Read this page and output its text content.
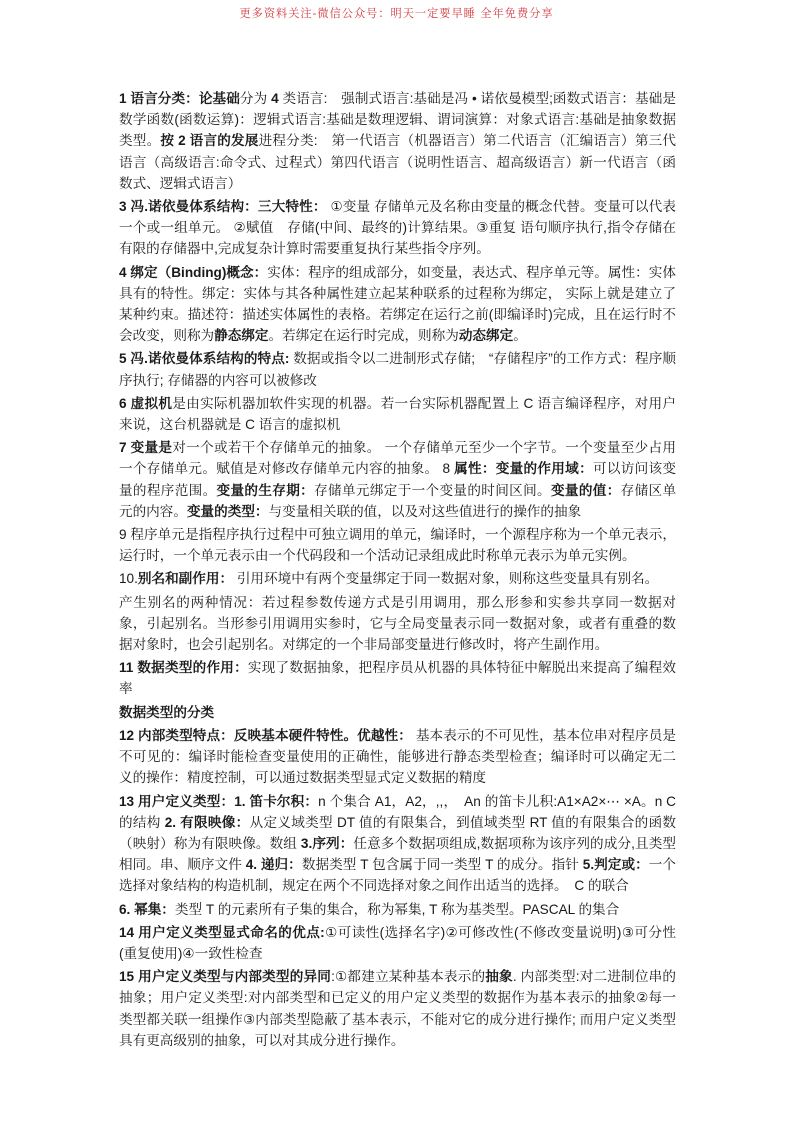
更多资料关注-微信公众号：明天一定要早睡 全年免费分享

1 语言分类：论基础分为 4 类语言:　强制式语言:基础是冯 • 诺依曼模型;函数式语言：基础是数学函数(函数运算)：逻辑式语言:基础是数理逻辑、谓词演算：对象式语言:基础是抽象数据类型。按 2 语言的发展进程分类:　第一代语言（机器语言）第二代语言（汇编语言）第三代语言（高级语言:命令式、过程式）第四代语言（说明性语言、超高级语言）新一代语言（函数式、逻辑式语言）

3 冯.诺依曼体系结构：三大特性： ①变量 存储单元及名称由变量的概念代替。变量可以代表一个或一组单元。 ②赋值　存储(中间、最终的)计算结果。③重复 语句顺序执行,指令存储在有限的存储器中,完成复杂计算时需要重复执行某些指令序列。

4 绑定（Binding)概念：实体：程序的组成部分，如变量，表达式、程序单元等。属性：实体具有的特性。绑定：实体与其各种属性建立起某种联系的过程称为绑定， 实际上就是建立了某种约束。描述符：描述实体属性的表格。若绑定在运行之前(即编译时)完成，且在运行时不会改变，则称为静态绑定。若绑定在运行时完成，则称为动态绑定。

5 冯.诺依曼体系结构的特点: 数据或指令以二进制形式存储;　“存储程序”的工作方式：程序顺序执行; 存储器的内容可以被修改

6 虚拟机是由实际机器加软件实现的机器。若一台实际机器配置上 C 语言编译程序，对用户来说，这台机器就是 C 语言的虚拟机

7 变量是对一个或若干个存储单元的抽象。 一个存储单元至少一个字节。一个变量至少占用一个存储单元。赋值是对修改存储单元内容的抽象。 8 属性：变量的作用域：可以访问该变量的程序范围。变量的生存期：存储单元绑定于一个变量的时间区间。变量的值：存储区单元的内容。变量的类型：与变量相关联的值，以及对这些值进行的操作的抽象

9 程序单元是指程序执行过程中可独立调用的单元，编译时，一个源程序称为一个单元表示，运行时，一个单元表示由一个代码段和一个活动记录组成此时称单元表示为单元实例。

10.别名和副作用： 引用环境中有两个变量绑定于同一数据对象，则称这些变量具有别名。

产生别名的两种情况：若过程参数传递方式是引用调用，那么形参和实参共享同一数据对象，引起别名。当形参引用调用实参时，它与全局变量表示同一数据对象，或者有重叠的数据对象时，也会引起别名。对绑定的一个非局部变量进行修改时，将产生副作用。

11 数据类型的作用：实现了数据抽象，把程序员从机器的具体特征中解脱出来提高了编程效率

数据类型的分类

12 内部类型特点：反映基本硬件特性。优越性： 基本表示的不可见性，基本位串对程序员是不可见的：编译时能检查变量使用的正确性，能够进行静态类型检查；编译时可以确定无二义的操作：精度控制，可以通过数据类型显式定义数据的精度

13 用户定义类型：1. 笛卡尔积：n 个集合 A1，A2，,,，　An 的笛卡儿积:A1×A2×⋯ ×A。n C 的结构 2. 有限映像：从定义域类型 DT 值的有限集合，到值域类型 RT 值的有限集合的函数（映射）称为有限映像。数组 3.序列：任意多个数据项组成,数据项称为该序列的成分,且类型相同。串、顺序文件 4. 递归：数据类型 T 包含属于同一类型 T 的成分。指针 5.判定或：一个选择对象结构的构造机制，规定在两个不同选择对象之间作出适当的选择。　C 的联合

6. 幂集：类型 T 的元素所有子集的集合，称为幂集, T 称为基类型。PASCAL 的集合

14 用户定义类型显式命名的优点:①可读性(选择名字)②可修改性(不修改变量说明)③可分性(重复使用)④一致性检查

15 用户定义类型与内部类型的异同:①都建立某种基本表示的抽象. 内部类型:对二进制位串的抽象；用户定义类型:对内部类型和已定义的用户定义类型的数据作为基本表示的抽象②每一类型都关联一组操作③内部类型隐蔽了基本表示，不能对它的成分进行操作; 而用户定义类型具有更高级别的抽象，可以对其成分进行操作。
